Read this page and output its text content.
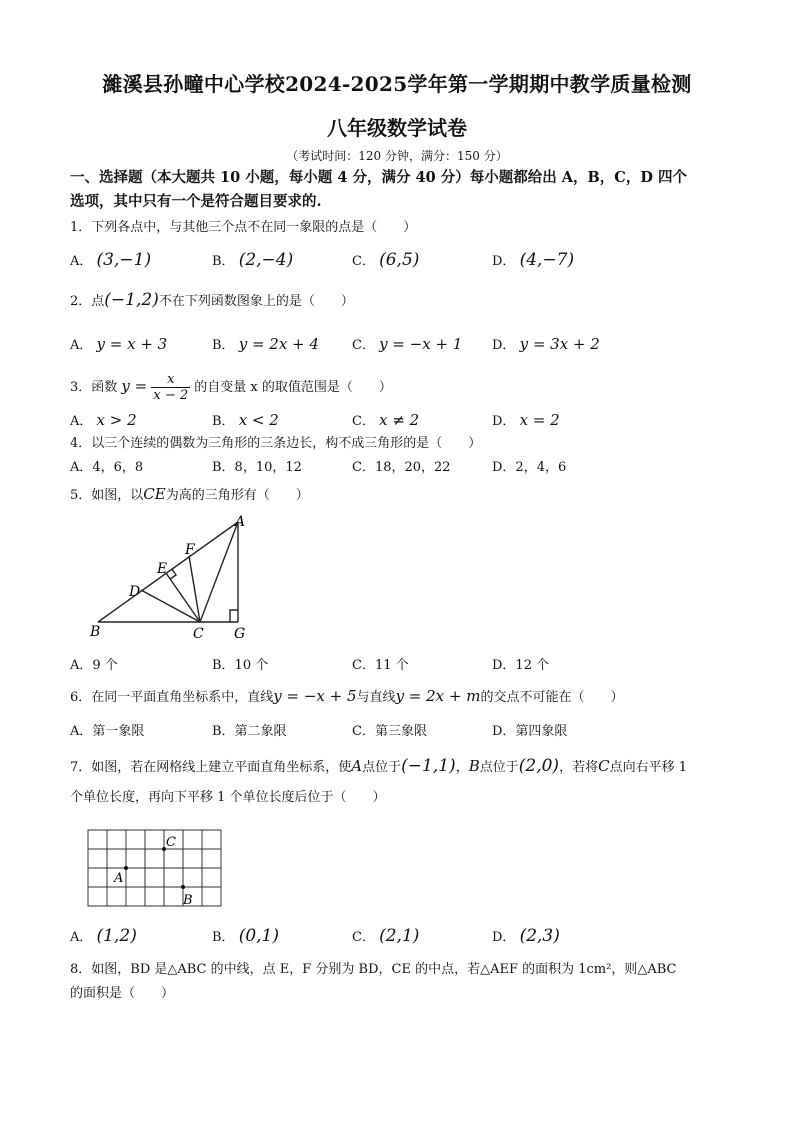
濰溪县孙疃中心学校2024-2025学年第一学期期中教学质量检测
八年级数学试卷
（考试时间：120 分钟，满分：150 分）
一、选择题（本大题共 10 小题，每小题 4 分，满分 40 分）每小题都给出 A，B，C，D 四个
选项，其中只有一个是符合题目要求的.
1．下列各点中，与其他三个点不在同一象限的点是（　　）
A． (3,−1)	B． (2,−4)	C． (6,5)	D． (4,−7)
2．点(−1,2)不在下列函数图象上的是（　　）
A． y = x + 3	B． y = 2x + 4	C． y = −x + 1 D． y = 3x + 2
3．函数 $y = \frac{x}{x - 2}$ 的自变量 x 的取值范围是（　　）
A． x > 2	B． x < 2	C． x ≠ 2	D． x = 2
4．以三个连续的偶数为三角形的三条边长，构不成三角形的是（　　）
A．4，6，8	B．8，10，12	C．18，20，22	D．2，4，6
5．如图，以CE为高的三角形有（　　）
A
F
E
D
B	C G
A．9 个	B．10 个	C．11 个	D．12 个
6．在同一平面直角坐标系中，直线y = −x + 5与直线y = 2x + m的交点不可能在（　　）
A．第一象限	B．第二象限	C．第三象限	D．第四象限
7．如图，若在网格线上建立平面直角坐标系，使A点位于(−1,1)，B点位于(2,0)，若将C点向右平移 1
个单位长度，再向下平移 1 个单位长度后位于（　　）
C
A
B
A． (1,2)	B． (0,1)	C． (2,1)	D． (2,3)
8．如图，BD 是△ABC 的中线，点 E，F 分别为 BD，CE 的中点，若△AEF 的面积为 1cm²，则△ABC
的面积是（　　）
